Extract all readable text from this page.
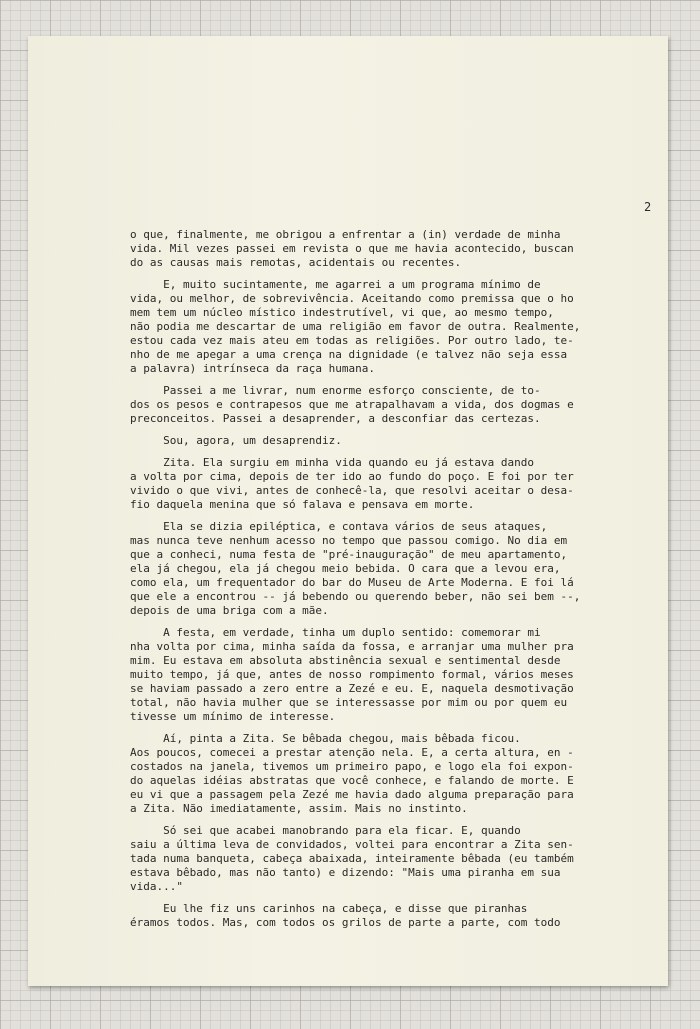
2
o que, finalmente, me obrigou a enfrentar a (in) verdade de minha
vida. Mil vezes passei em revista o que me havia acontecido, buscan
do as causas mais remotas, acidentais ou recentes.
E, muito sucintamente, me agarrei a um programa mínimo de
vida, ou melhor, de sobrevivência. Aceitando como premissa que o ho
mem tem um núcleo místico indestrutível, vi que, ao mesmo tempo,
não podia me descartar de uma religião em favor de outra. Realmente,
estou cada vez mais ateu em todas as religiões. Por outro lado, te-
nho de me apegar a uma crença na dignidade (e talvez não seja essa
a palavra) intrínseca da raça humana.
Passei a me livrar, num enorme esforço consciente, de to-
dos os pesos e contrapesos que me atrapalhavam a vida, dos dogmas e
preconceitos. Passei a desaprender, a desconfiar das certezas.
Sou, agora, um desaprendiz.
Zita. Ela surgiu em minha vida quando eu já estava dando
a volta por cima, depois de ter ido ao fundo do poço. E foi por ter
vivido o que vivi, antes de conhecê-la, que resolvi aceitar o desa-
fio daquela menina que só falava e pensava em morte.
Ela se dizia epiléptica, e contava vários de seus ataques,
mas nunca teve nenhum acesso no tempo que passou comigo. No dia em
que a conheci, numa festa de "pré-inauguração" de meu apartamento,
ela já chegou, ela já chegou meio bebida. O cara que a levou era,
como ela, um frequentador do bar do Museu de Arte Moderna. E foi lá
que ele a encontrou -- já bebendo ou querendo beber, não sei bem --,
depois de uma briga com a mãe.
A festa, em verdade, tinha um duplo sentido: comemorar mi
nha volta por cima, minha saída da fossa, e arranjar uma mulher pra
mim. Eu estava em absoluta abstinência sexual e sentimental desde
muito tempo, já que, antes de nosso rompimento formal, vários meses
se haviam passado a zero entre a Zezé e eu. E, naquela desmotivação
total, não havia mulher que se interessasse por mim ou por quem eu
tivesse um mínimo de interesse.
Aí, pinta a Zita. Se bêbada chegou, mais bêbada ficou.
Aos poucos, comecei a prestar atenção nela. E, a certa altura, en -
costados na janela, tivemos um primeiro papo, e logo ela foi expon-
do aquelas idéias abstratas que você conhece, e falando de morte. E
eu vi que a passagem pela Zezé me havia dado alguma preparação para
a Zita. Não imediatamente, assim. Mais no instinto.
Só sei que acabei manobrando para ela ficar. E, quando
saiu a última leva de convidados, voltei para encontrar a Zita sen-
tada numa banqueta, cabeça abaixada, inteiramente bêbada (eu também
estava bêbado, mas não tanto) e dizendo: "Mais uma piranha em sua
vida..."
Eu lhe fiz uns carinhos na cabeça, e disse que piranhas
éramos todos. Mas, com todos os grilos de parte a parte, com todo
